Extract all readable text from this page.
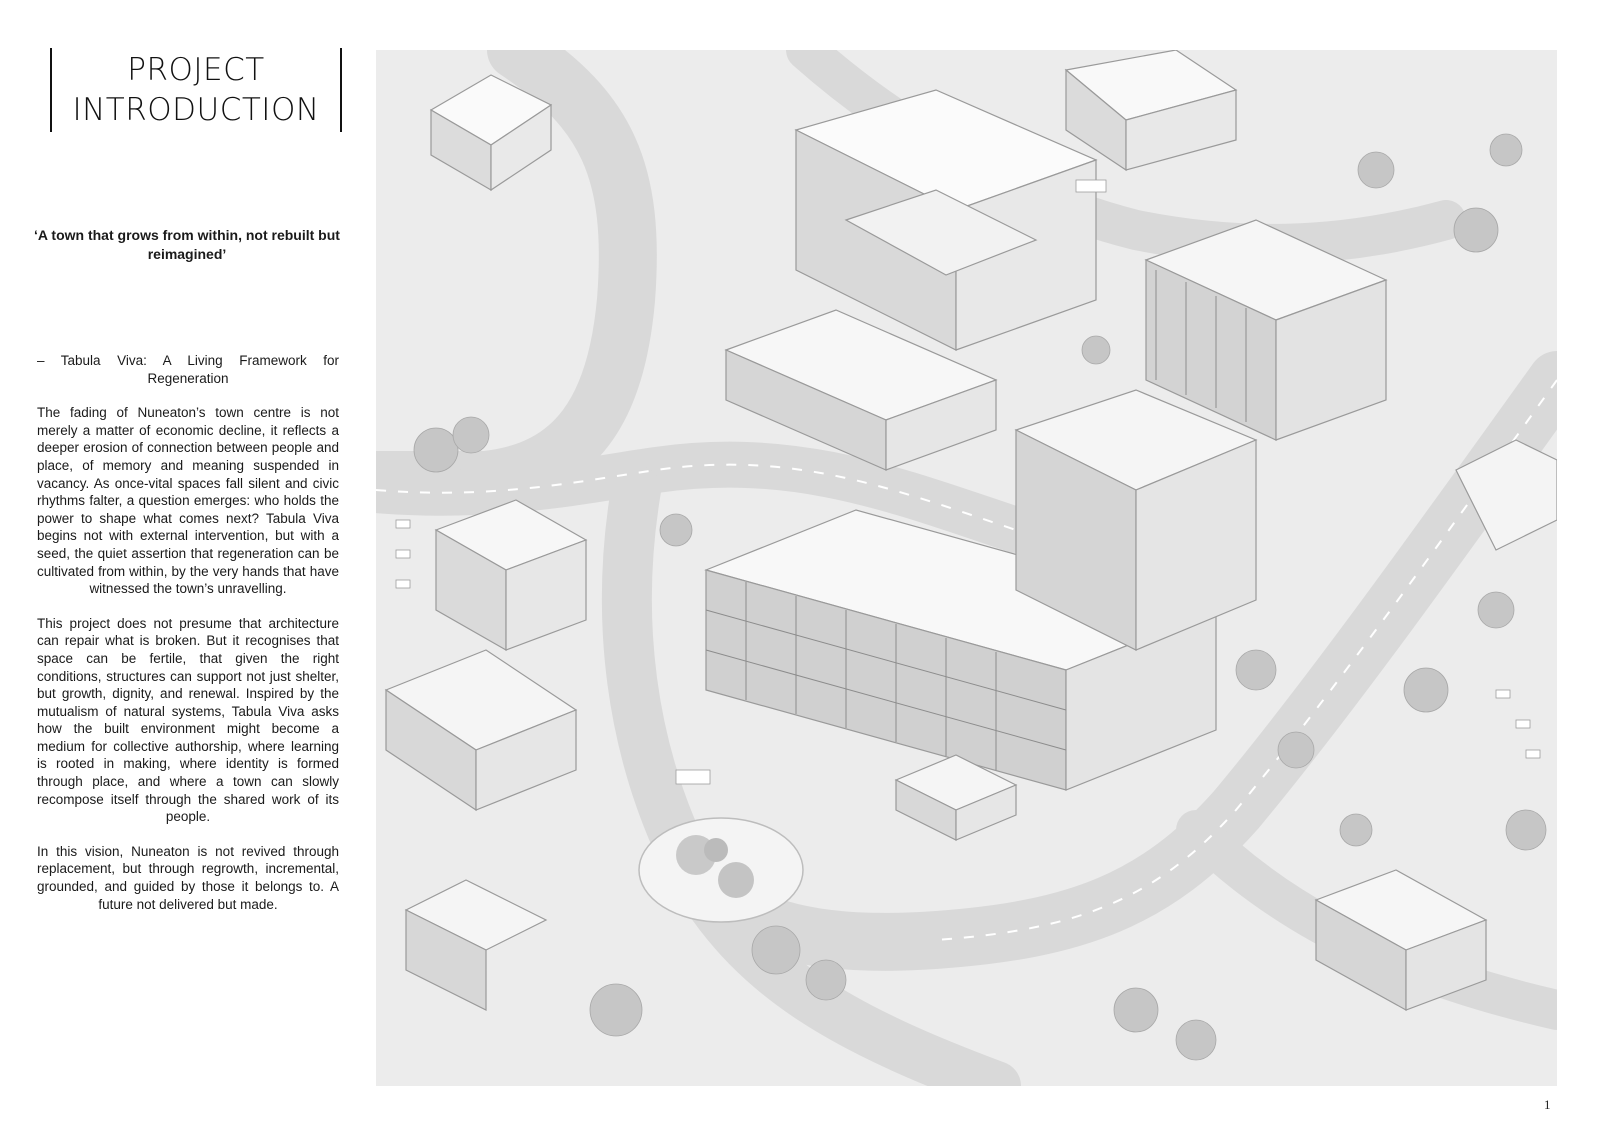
PROJECT
INTRODUCTION
‘A town that grows from within, not rebuilt but reimagined’

– Tabula Viva: A Living Framework for Regeneration

The fading of Nuneaton’s town centre is not merely a matter of economic decline, it reflects a deeper erosion of connection between people and place, of memory and meaning suspended in vacancy. As once-vital spaces fall silent and civic rhythms falter, a question emerges: who holds the power to shape what comes next? Tabula Viva begins not with external intervention, but with a seed, the quiet assertion that regeneration can be cultivated from within, by the very hands that have witnessed the town’s unravelling.

This project does not presume that architecture can repair what is broken. But it recognises that space can be fertile, that given the right conditions, structures can support not just shelter, but growth, dignity, and renewal. Inspired by the mutualism of natural systems, Tabula Viva asks how the built environment might become a medium for collective authorship, where learning is rooted in making, where identity is formed through place, and where a town can slowly recompose itself through the shared work of its people.

In this vision, Nuneaton is not revived through replacement, but through regrowth, incremental, grounded, and guided by those it belongs to. A future not delivered but made.

1
